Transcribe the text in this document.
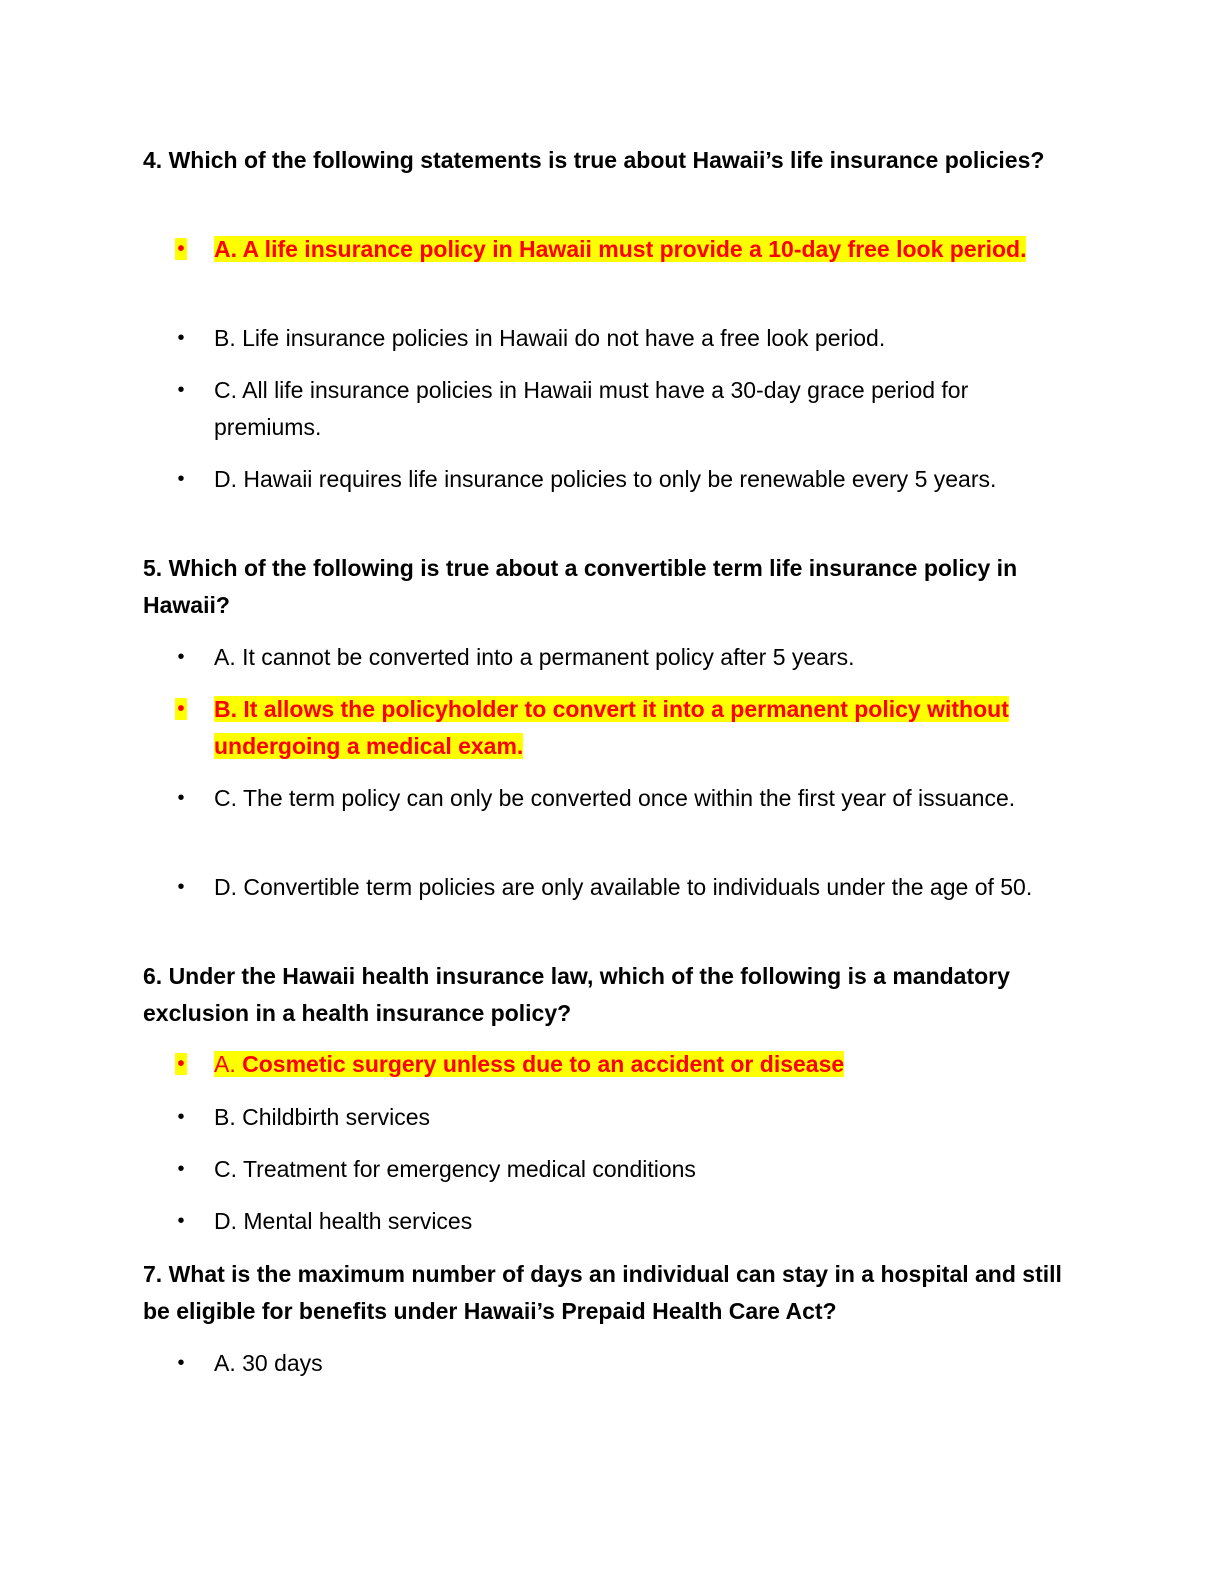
4. Which of the following statements is true about Hawaii’s life insurance policies?

• A. A life insurance policy in Hawaii must provide a 10-day free look period.

• B. Life insurance policies in Hawaii do not have a free look period.

• C. All life insurance policies in Hawaii must have a 30-day grace period for premiums.

• D. Hawaii requires life insurance policies to only be renewable every 5 years.

5. Which of the following is true about a convertible term life insurance policy in Hawaii?

• A. It cannot be converted into a permanent policy after 5 years.

• B. It allows the policyholder to convert it into a permanent policy without undergoing a medical exam.

• C. The term policy can only be converted once within the first year of issuance.

• D. Convertible term policies are only available to individuals under the age of 50.

6. Under the Hawaii health insurance law, which of the following is a mandatory exclusion in a health insurance policy?

• A. Cosmetic surgery unless due to an accident or disease

• B. Childbirth services

• C. Treatment for emergency medical conditions

• D. Mental health services

7. What is the maximum number of days an individual can stay in a hospital and still be eligible for benefits under Hawaii’s Prepaid Health Care Act?

• A. 30 days
